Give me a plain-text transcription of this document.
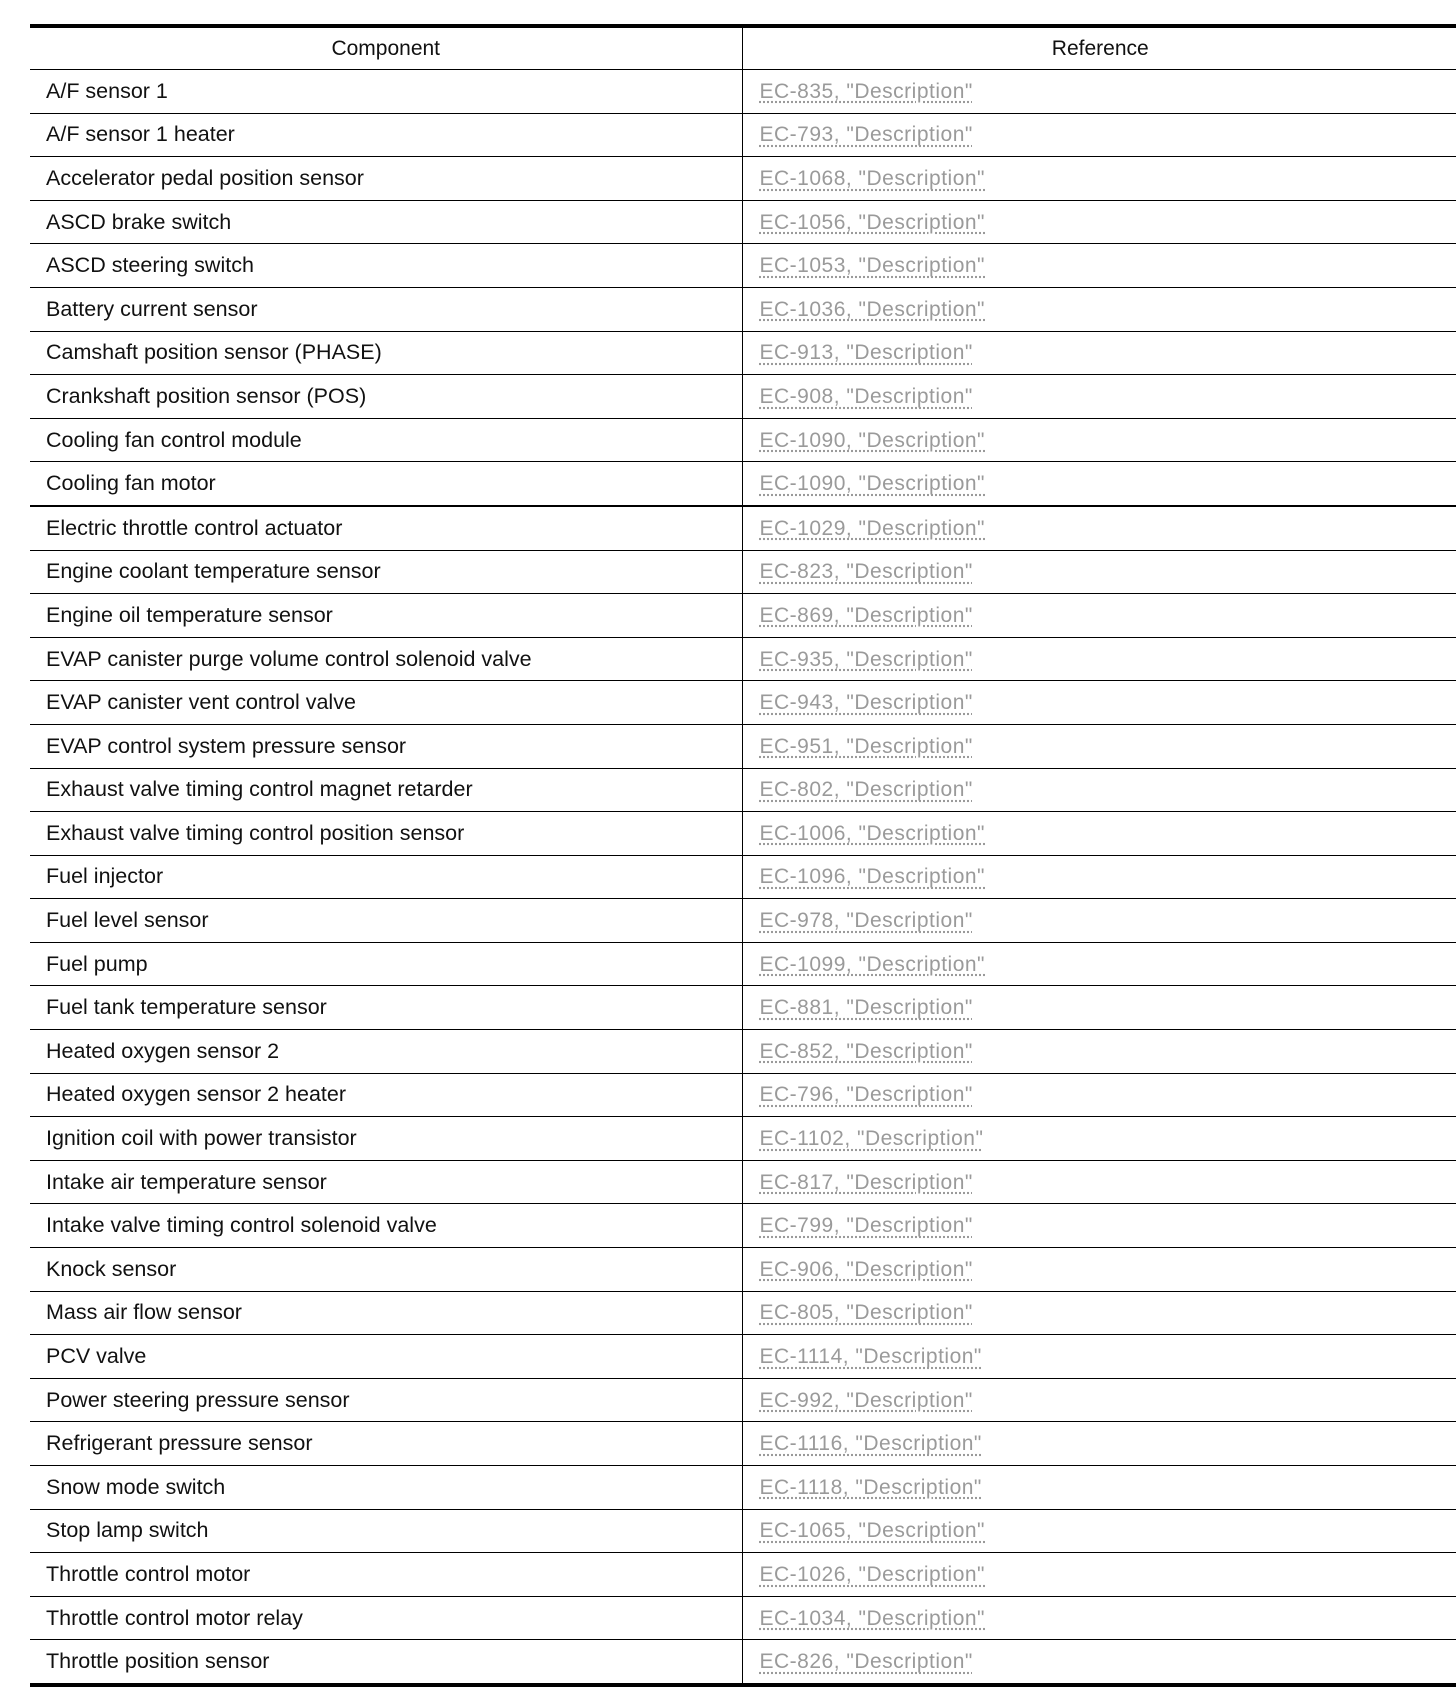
Component	Reference
A/F sensor 1	EC-835, "Description"
A/F sensor 1 heater	EC-793, "Description"
Accelerator pedal position sensor	EC-1068, "Description"
ASCD brake switch	EC-1056, "Description"
ASCD steering switch	EC-1053, "Description"
Battery current sensor	EC-1036, "Description"
Camshaft position sensor (PHASE)	EC-913, "Description"
Crankshaft position sensor (POS)	EC-908, "Description"
Cooling fan control module	EC-1090, "Description"
Cooling fan motor	EC-1090, "Description"
Electric throttle control actuator	EC-1029, "Description"
Engine coolant temperature sensor	EC-823, "Description"
Engine oil temperature sensor	EC-869, "Description"
EVAP canister purge volume control solenoid valve	EC-935, "Description"
EVAP canister vent control valve	EC-943, "Description"
EVAP control system pressure sensor	EC-951, "Description"
Exhaust valve timing control magnet retarder	EC-802, "Description"
Exhaust valve timing control position sensor	EC-1006, "Description"
Fuel injector	EC-1096, "Description"
Fuel level sensor	EC-978, "Description"
Fuel pump	EC-1099, "Description"
Fuel tank temperature sensor	EC-881, "Description"
Heated oxygen sensor 2	EC-852, "Description"
Heated oxygen sensor 2 heater	EC-796, "Description"
Ignition coil with power transistor	EC-1102, "Description"
Intake air temperature sensor	EC-817, "Description"
Intake valve timing control solenoid valve	EC-799, "Description"
Knock sensor	EC-906, "Description"
Mass air flow sensor	EC-805, "Description"
PCV valve	EC-1114, "Description"
Power steering pressure sensor	EC-992, "Description"
Refrigerant pressure sensor	EC-1116, "Description"
Snow mode switch	EC-1118, "Description"
Stop lamp switch	EC-1065, "Description"
Throttle control motor	EC-1026, "Description"
Throttle control motor relay	EC-1034, "Description"
Throttle position sensor	EC-826, "Description"
